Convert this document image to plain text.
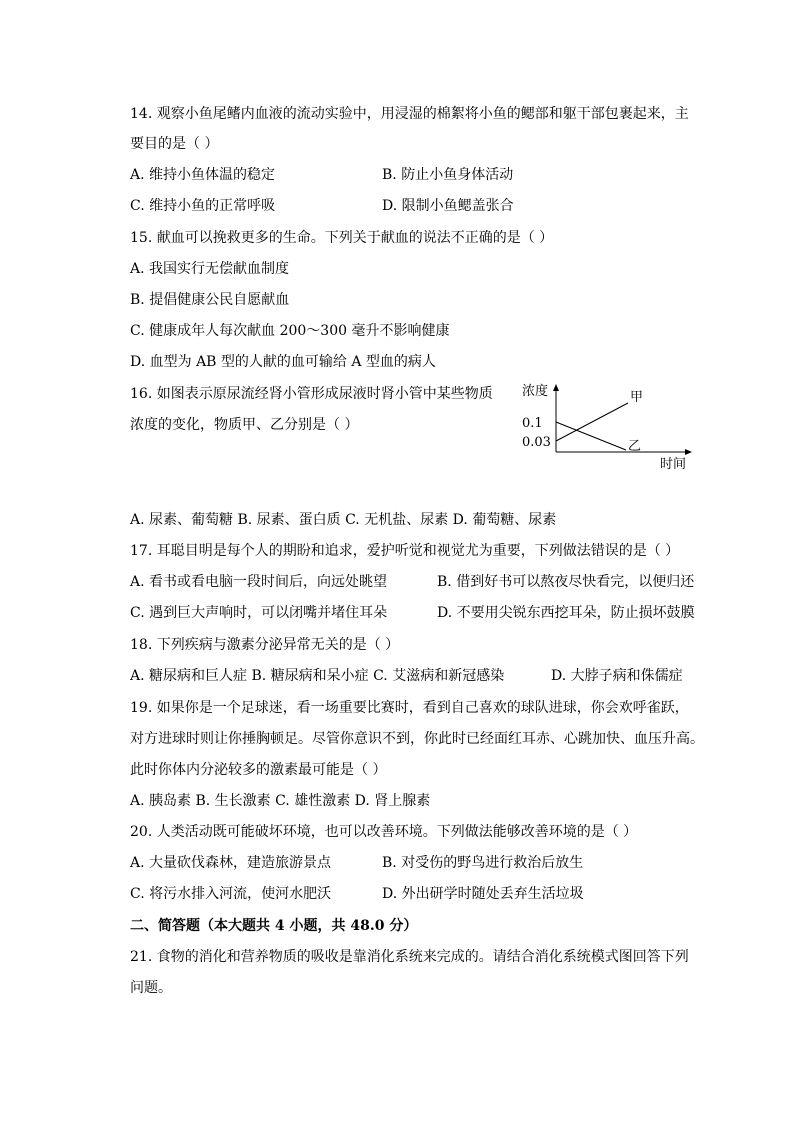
14. 观察小鱼尾鳍内血液的流动实验中，用浸湿的棉絮将小鱼的鳃部和躯干部包裹起来，主
要目的是（ ）
A. 维持小鱼体温的稳定	B. 防止小鱼身体活动
C. 维持小鱼的正常呼吸	D. 限制小鱼鳃盖张合
15. 献血可以挽救更多的生命。下列关于献血的说法不正确的是（ ）
A. 我国实行无偿献血制度
B. 提倡健康公民自愿献血
C. 健康成年人每次献血 200～300 毫升不影响健康
D. 血型为 AB 型的人献的血可输给 A 型血的病人
16. 如图表示原尿流经肾小管形成尿液时肾小管中某些物质
浓度的变化，物质甲、乙分别是（ ）
浓度
时间
0.1
0.03
甲
乙
A. 尿素、葡萄糖 B. 尿素、蛋白质 C. 无机盐、尿素 D. 葡萄糖、尿素
17. 耳聪目明是每个人的期盼和追求，爱护听觉和视觉尤为重要，下列做法错误的是（ ）
A. 看书或看电脑一段时间后，向远处眺望	B. 借到好书可以熬夜尽快看完，以便归还
C. 遇到巨大声响时，可以闭嘴并堵住耳朵	D. 不要用尖锐东西挖耳朵，防止损坏鼓膜
18. 下列疾病与激素分泌异常无关的是（ ）
A. 糖尿病和巨人症 B. 糖尿病和呆小症 C. 艾滋病和新冠感染	D. 大脖子病和侏儒症
19. 如果你是一个足球迷，看一场重要比赛时，看到自己喜欢的球队进球，你会欢呼雀跃，
对方进球时则让你捶胸顿足。尽管你意识不到，你此时已经面红耳赤、心跳加快、血压升高。
此时你体内分泌较多的激素最可能是（ ）
A. 胰岛素 B. 生长激素 C. 雄性激素 D. 肾上腺素
20. 人类活动既可能破坏环境，也可以改善环境。下列做法能够改善环境的是（ ）
A. 大量砍伐森林，建造旅游景点	B. 对受伤的野鸟进行救治后放生
C. 将污水排入河流，使河水肥沃	D. 外出研学时随处丢弃生活垃圾
二、简答题（本大题共 4 小题，共 48.0 分）
21. 食物的消化和营养物质的吸收是靠消化系统来完成的。请结合消化系统模式图回答下列
问题。
